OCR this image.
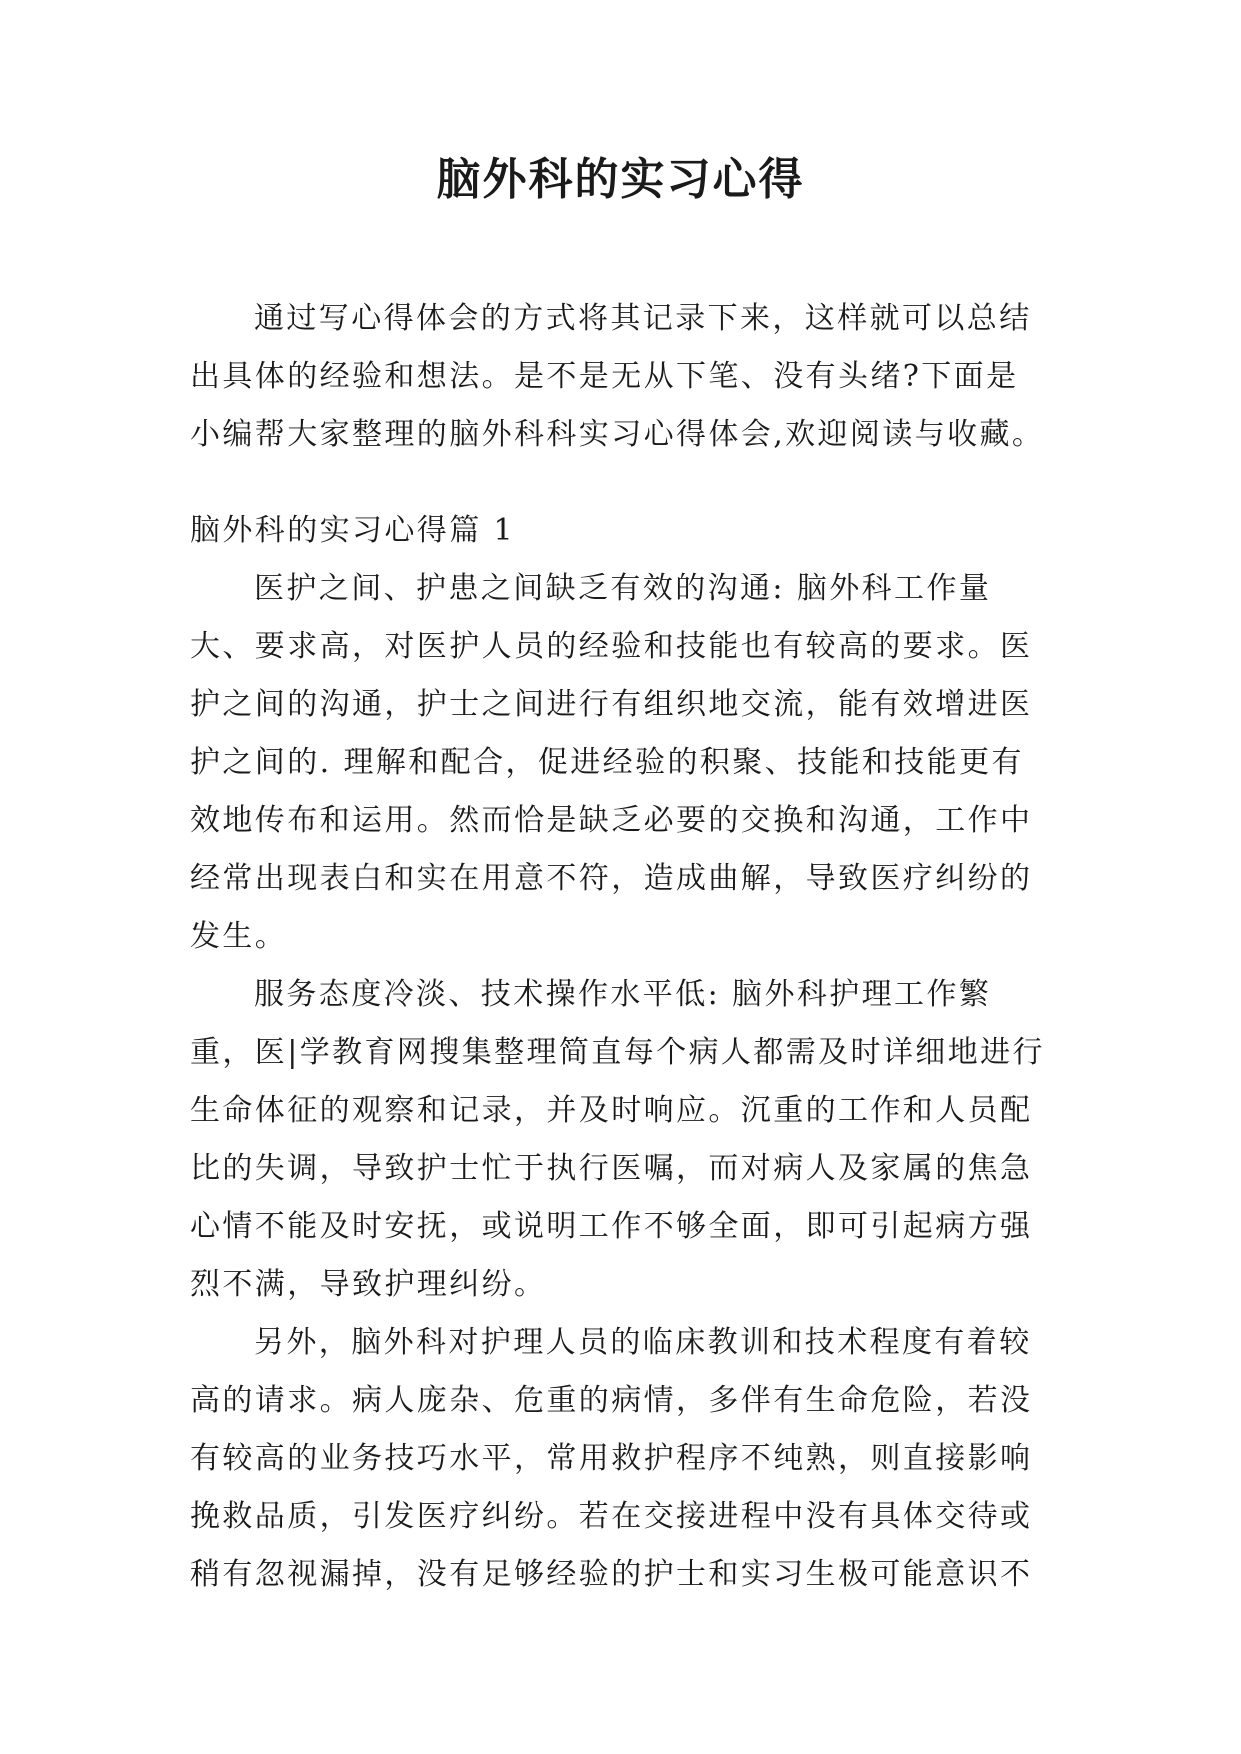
脑外科的实习心得

通过写心得体会的方式将其记录下来，这样就可以总结出具体的经验和想法。是不是无从下笔、没有头绪?下面是小编帮大家整理的脑外科科实习心得体会,欢迎阅读与收藏。

脑外科的实习心得篇 1

医护之间、护患之间缺乏有效的沟通: 脑外科工作量大、要求高，对医护人员的经验和技能也有较高的要求。医护之间的沟通，护士之间进行有组织地交流，能有效增进医护之间的. 理解和配合，促进经验的积聚、技能和技能更有效地传布和运用。然而恰是缺乏必要的交换和沟通，工作中经常出现表白和实在用意不符，造成曲解，导致医疗纠纷的发生。

服务态度冷淡、技术操作水平低: 脑外科护理工作繁重，医|学教育网搜集整理简直每个病人都需及时详细地进行生命体征的观察和记录，并及时响应。沉重的工作和人员配比的失调，导致护士忙于执行医嘱，而对病人及家属的焦急心情不能及时安抚，或说明工作不够全面，即可引起病方强烈不满，导致护理纠纷。

另外，脑外科对护理人员的临床教训和技术程度有着较高的请求。病人庞杂、危重的病情，多伴有生命危险，若没有较高的业务技巧水平，常用救护程序不纯熟，则直接影响挽救品质，引发医疗纠纷。若在交接进程中没有具体交待或稍有忽视漏掉，没有足够经验的护士和实习生极可能意识不
